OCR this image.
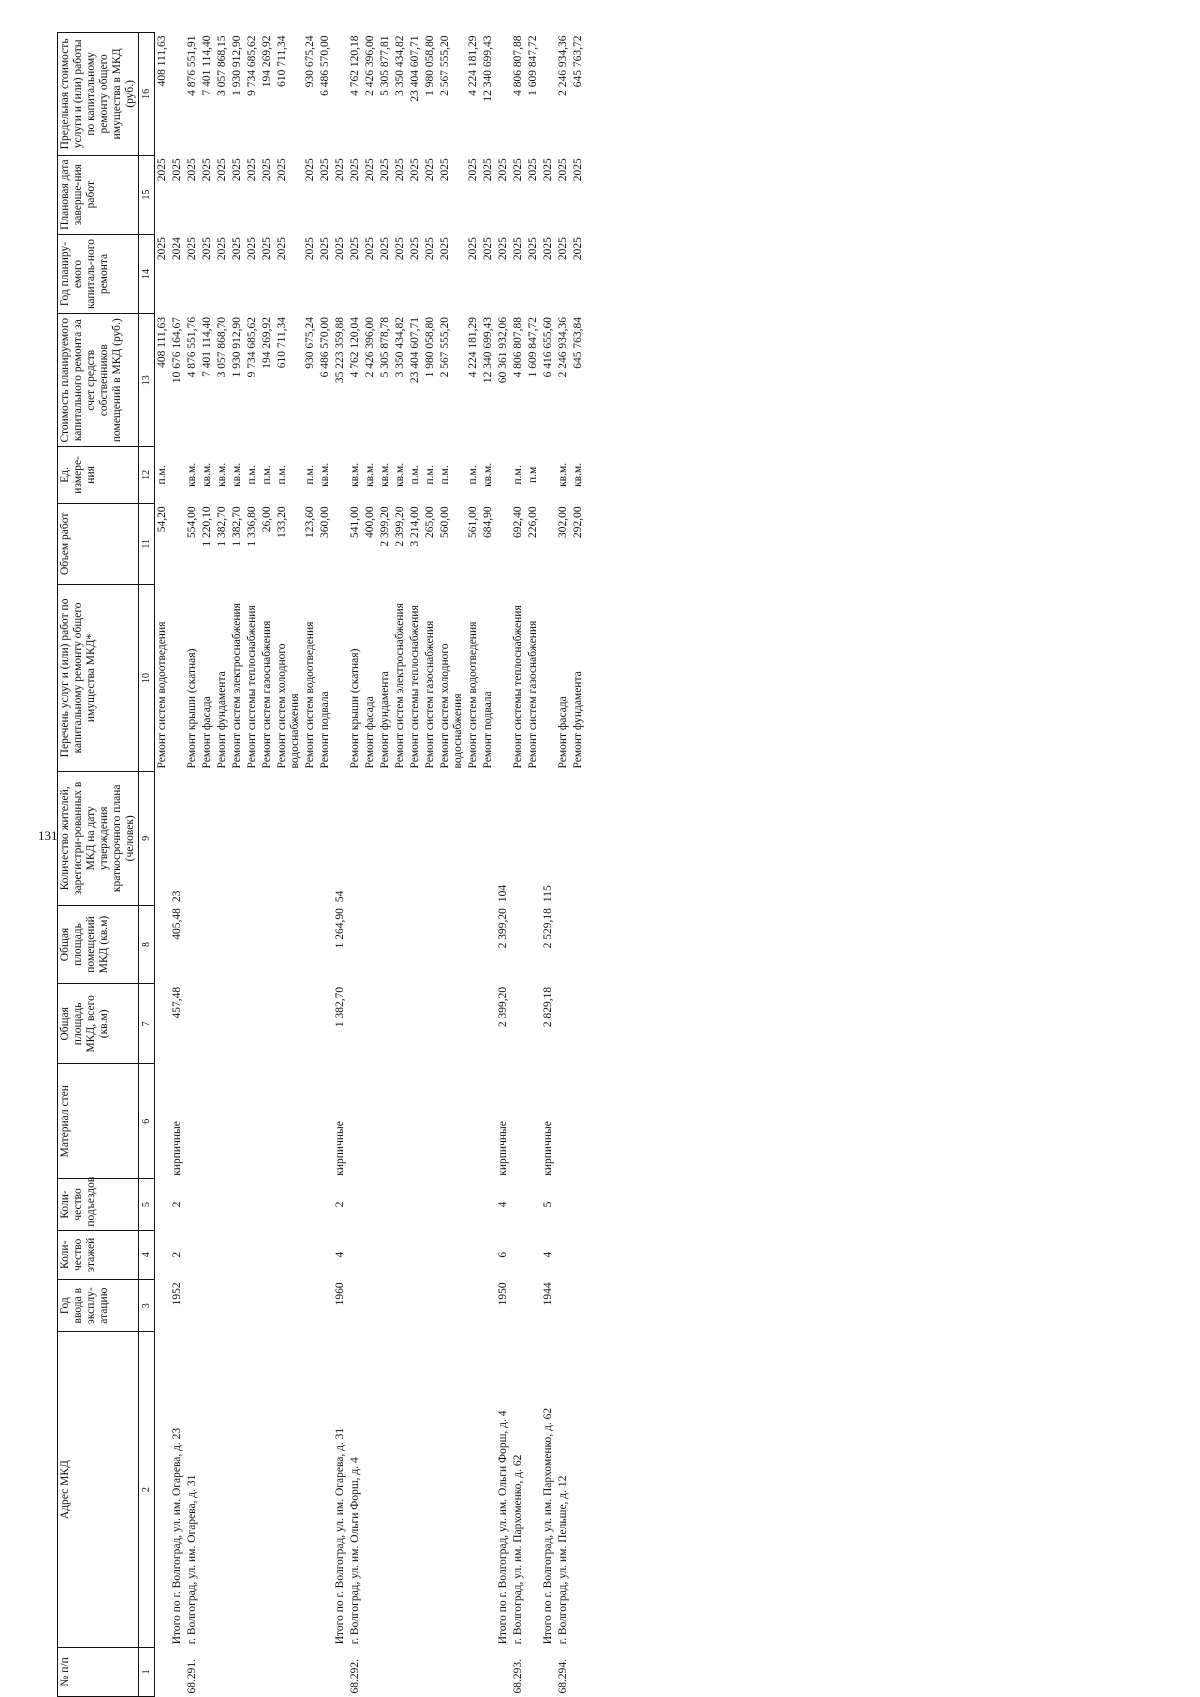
131
№ п/п	Адрес МКД	Год ввода в эксплу-атацию	Коли-чество этажей	Коли-чество подъездов	Материал стен	Общая площадь МКД, всего (кв.м)	Общая площадь помещений МКД (кв.м)	Количество жителей, зарегистри-рованных в МКД на дату утверждения краткосрочного плана (человек)	Перечень услуг и (или) работ по капитальному ремонту общего имущества МКД*	Объем работ	Ед. измере-ния	Стоимость планируемого капитального ремонта за счет средств собственников помещений в МКД (руб.)	Год планиру-емого капиталь-ного ремонта	Плановая дата заверше-ния работ	Предельная стоимость услуги и (или) работы по капитальному ремонту общего имущества в МКД (руб.)
1	2	3	4	5	6	7	8	9	10	11	12	13	14	15	16
									Ремонт систем водоотведения	54,20	п.м.	408 111,63	2025	2025	408 111,63
	Итого по г. Волгоград, ул. им. Огарева, д. 23	1952	2	2	кирпичные	457,48	405,48	23				10 676 164,67	2024	2025	
68.291.	г. Волгоград, ул. им. Огарева, д. 31								Ремонт крыши (скатная)	554,00	кв.м.	4 876 551,76	2025	2025	4 876 551,91
									Ремонт фасада	1 220,10	кв.м.	7 401 114,40	2025	2025	7 401 114,40
									Ремонт фундамента	1 382,70	кв.м.	3 057 868,70	2025	2025	3 057 868,15
									Ремонт систем электроснабжения	1 382,70	кв.м.	1 930 912,90	2025	2025	1 930 912,90
									Ремонт системы теплоснабжения	1 336,80	п.м.	9 734 685,62	2025	2025	9 734 685,62
									Ремонт систем газоснабжения	26,00	п.м.	194 269,92	2025	2025	194 269,92
									Ремонт систем холодного водоснабжения	133,20	п.м.	610 711,34	2025	2025	610 711,34
									Ремонт систем водоотведения	123,60	п.м.	930 675,24	2025	2025	930 675,24
									Ремонт подвала	360,00	кв.м.	6 486 570,00	2025	2025	6 486 570,00
	Итого по г. Волгоград, ул. им. Огарева, д. 31	1960	4	2	кирпичные	1 382,70	1 264,90	54				35 223 359,88	2025	2025	
68.292.	г. Волгоград, ул. им. Ольги Форш, д. 4								Ремонт крыши (скатная)	541,00	кв.м.	4 762 120,04	2025	2025	4 762 120,18
									Ремонт фасада	400,00	кв.м.	2 426 396,00	2025	2025	2 426 396,00
									Ремонт фундамента	2 399,20	кв.м.	5 305 878,78	2025	2025	5 305 877,81
									Ремонт систем электроснабжения	2 399,20	кв.м.	3 350 434,82	2025	2025	3 350 434,82
									Ремонт системы теплоснабжения	3 214,00	п.м.	23 404 607,71	2025	2025	23 404 607,71
									Ремонт систем газоснабжения	265,00	п.м.	1 980 058,80	2025	2025	1 980 058,80
									Ремонт систем холодного водоснабжения	560,00	п.м.	2 567 555,20	2025	2025	2 567 555,20
									Ремонт систем водоотведения	561,00	п.м.	4 224 181,29	2025	2025	4 224 181,29
									Ремонт подвала	684,90	кв.м.	12 340 699,43	2025	2025	12 340 699,43
	Итого по г. Волгоград, ул. им. Ольги Форш, д. 4	1950	6	4	кирпичные	2 399,20	2 399,20	104				60 361 932,06	2025	2025	
68.293.	г. Волгоград, ул. им. Пархоменко, д. 62								Ремонт системы теплоснабжения	692,40	п.м.	4 806 807,88	2025	2025	4 806 807,88
									Ремонт систем газоснабжения	226,00	п.м	1 609 847,72	2025	2025	1 609 847,72
	Итого по г. Волгоград, ул. им. Пархоменко, д. 62	1944	4	5	кирпичные	2 829,18	2 529,18	115				6 416 655,60	2025	2025	
68.294.	г. Волгоград, ул. им. Пельше, д. 12								Ремонт фасада	302,00	кв.м.	2 246 934,36	2025	2025	2 246 934,36
									Ремонт фундамента	292,00	кв.м.	645 763,84	2025	2025	645 763,72
